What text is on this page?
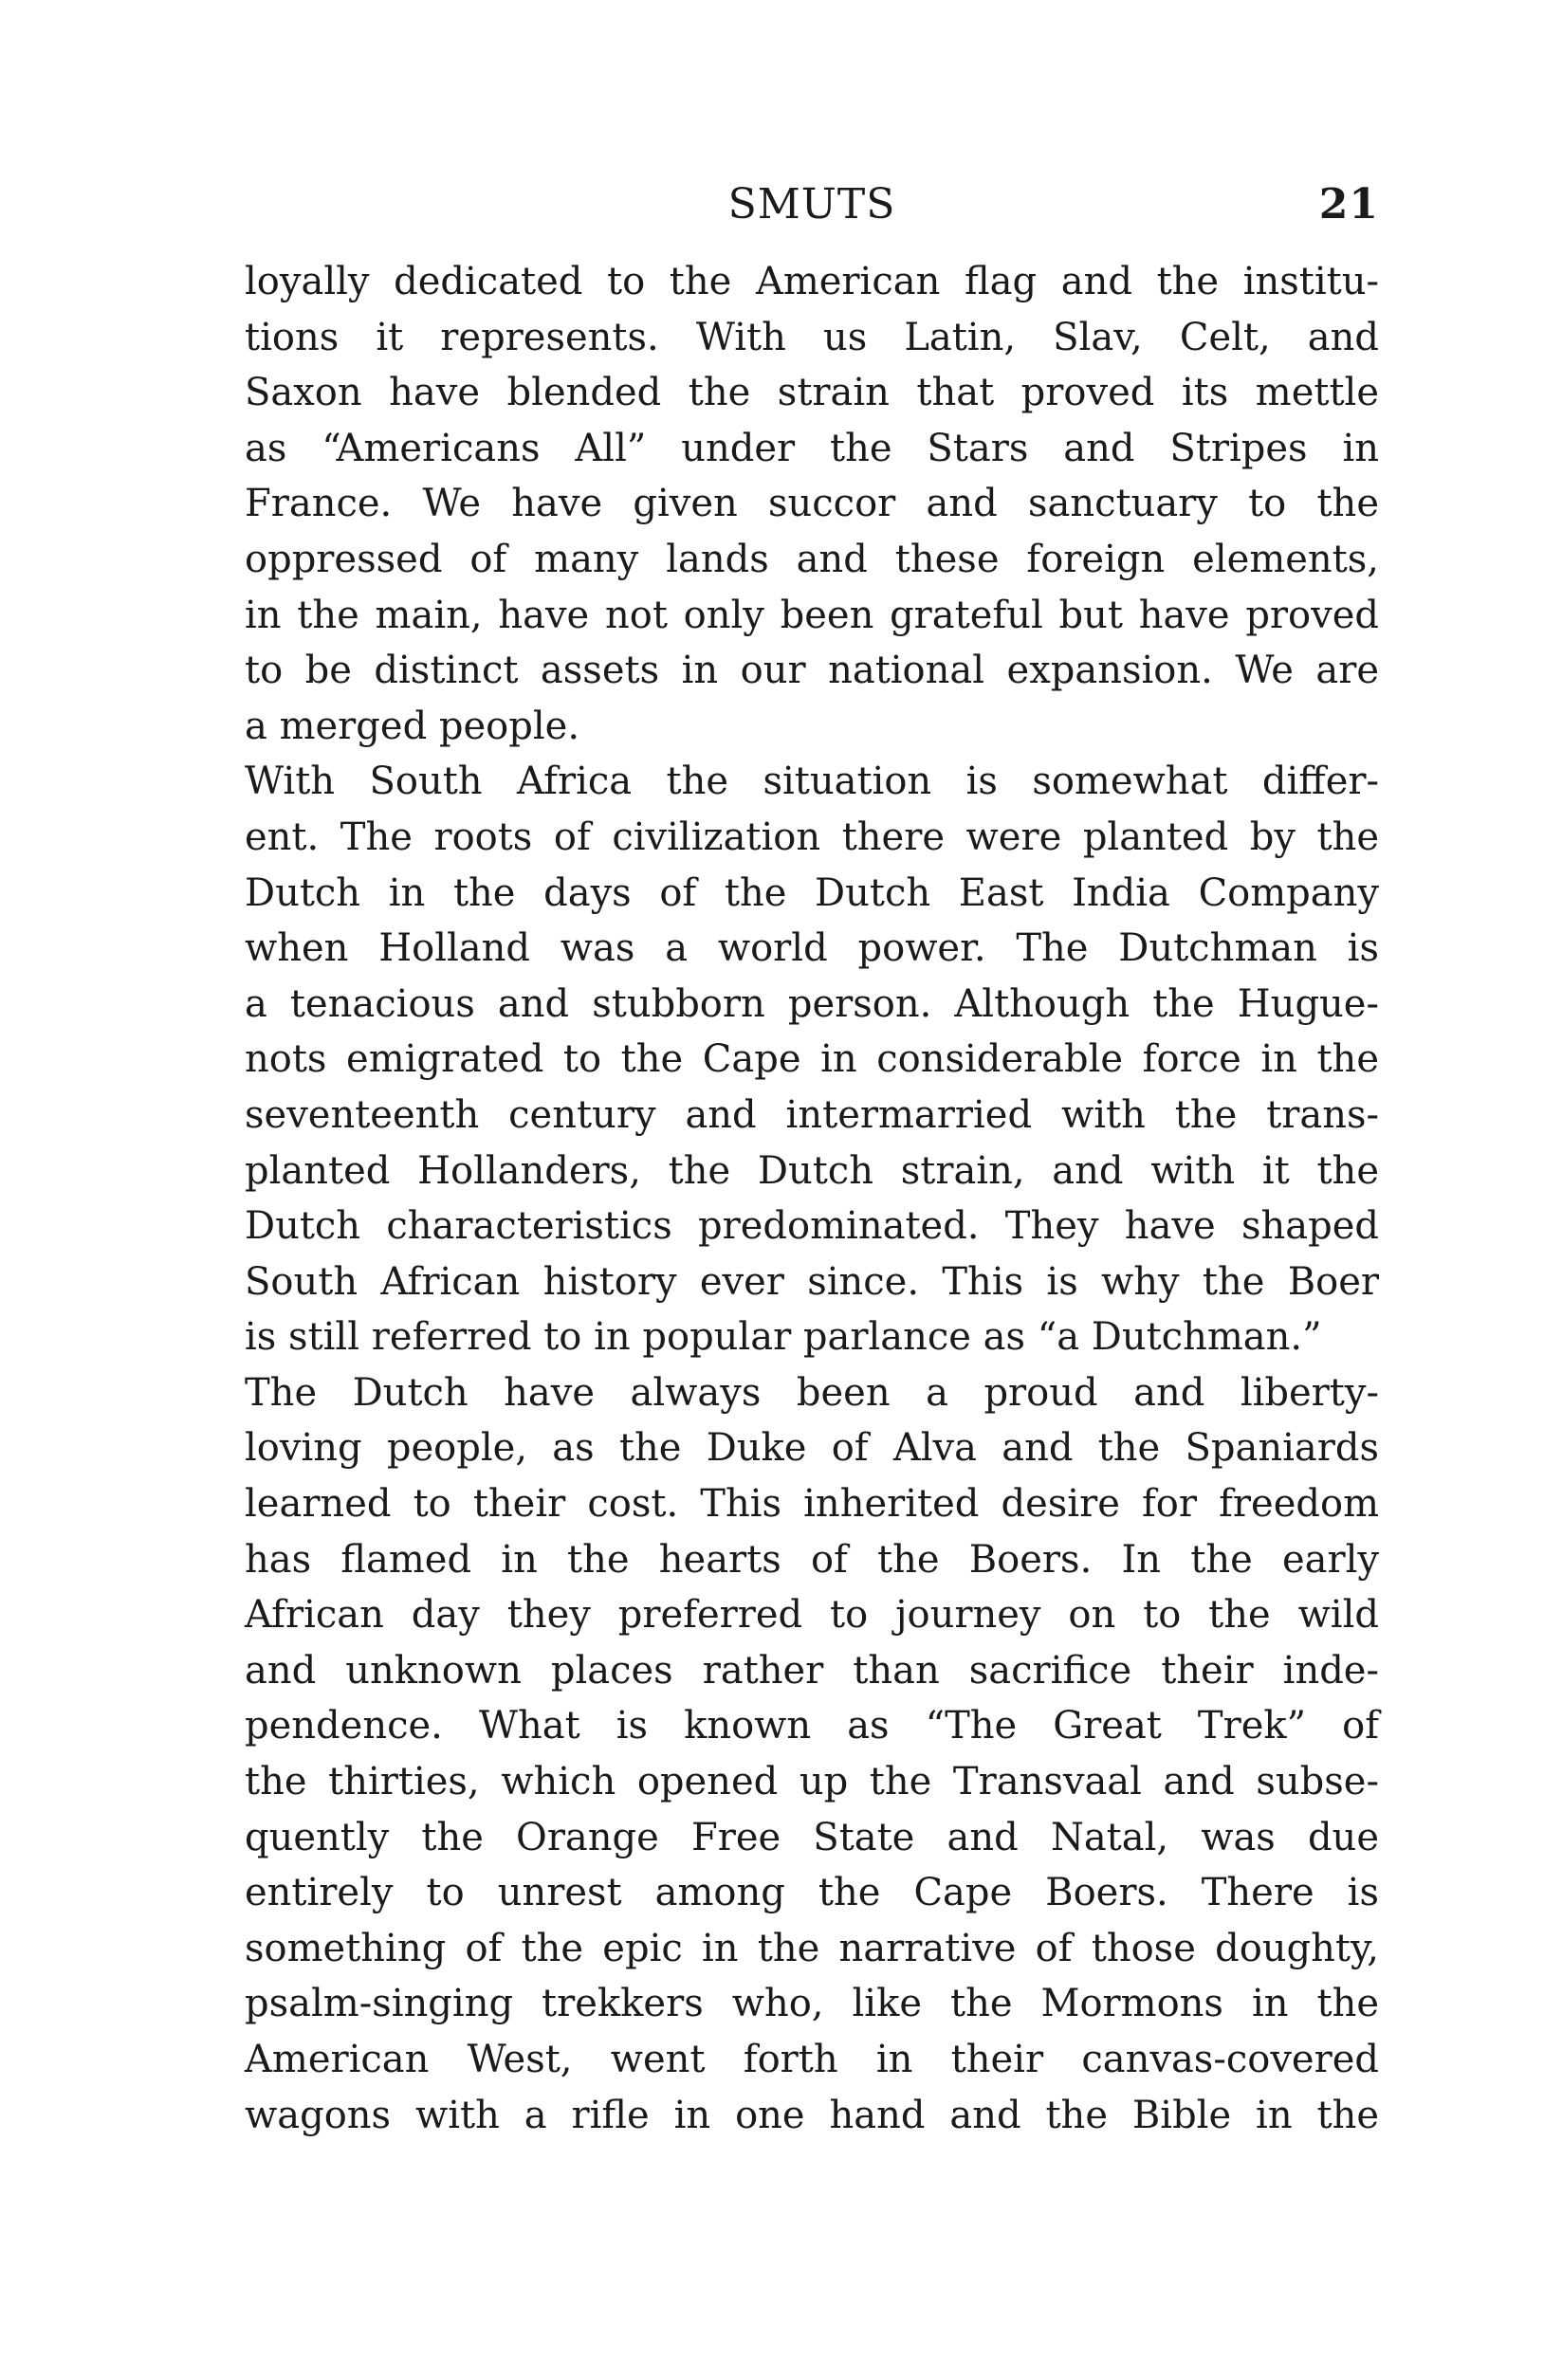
SMUTS	21
loyally dedicated to the American flag and the institu-
tions it represents. With us Latin, Slav, Celt, and
Saxon have blended the strain that proved its mettle
as “Americans All” under the Stars and Stripes in
France. We have given succor and sanctuary to the
oppressed of many lands and these foreign elements,
in the main, have not only been grateful but have proved
to be distinct assets in our national expansion. We are
a merged people.
With South Africa the situation is somewhat differ-
ent. The roots of civilization there were planted by the
Dutch in the days of the Dutch East India Company
when Holland was a world power. The Dutchman is
a tenacious and stubborn person. Although the Hugue-
nots emigrated to the Cape in considerable force in the
seventeenth century and intermarried with the trans-
planted Hollanders, the Dutch strain, and with it the
Dutch characteristics predominated. They have shaped
South African history ever since. This is why the Boer
is still referred to in popular parlance as “a Dutchman.”
The Dutch have always been a proud and liberty-
loving people, as the Duke of Alva and the Spaniards
learned to their cost. This inherited desire for freedom
has flamed in the hearts of the Boers. In the early
African day they preferred to journey on to the wild
and unknown places rather than sacrifice their inde-
pendence. What is known as “The Great Trek” of
the thirties, which opened up the Transvaal and subse-
quently the Orange Free State and Natal, was due
entirely to unrest among the Cape Boers. There is
something of the epic in the narrative of those doughty,
psalm-singing trekkers who, like the Mormons in the
American West, went forth in their canvas-covered
wagons with a rifle in one hand and the Bible in the
